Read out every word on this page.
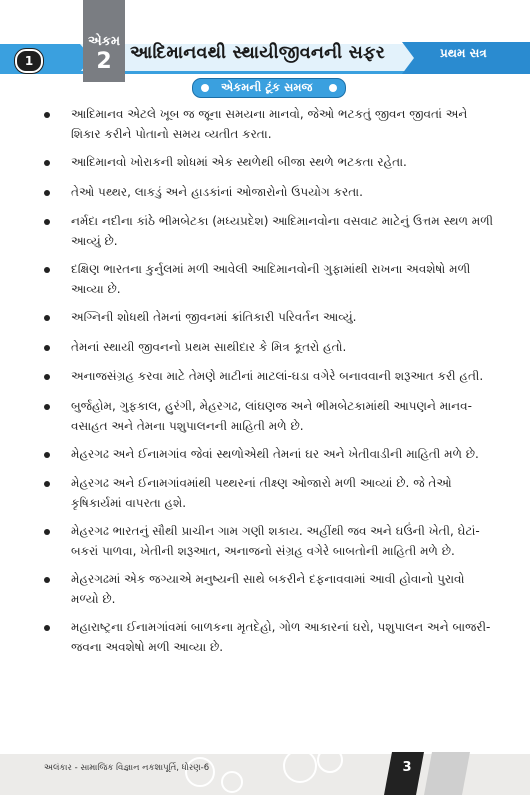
એકમ
2
1	આદિમાનવથી સ્થાયીજીવનની સફર	પ્રથમ સત્ર
એકમની ટૂંક સમજ

આદિમાનવ એટલે ખૂબ જ જૂના સમયના માનવો, જેઓ ભટકતું જીવન જીવતાં અને શિકાર કરીને પોતાનો સમય વ્યતીત કરતા.

આદિમાનવો ખોરાકની શોધમાં એક સ્થળેથી બીજા સ્થળે ભટકતા રહેતા.

તેઓ પથ્થર, લાકડું અને હાડકાંનાં ઓજારોનો ઉપયોગ કરતા.

નર્મદા નદીના કાંઠે ભીમબેટકા (મધ્યપ્રદેશ) આદિમાનવોના વસવાટ માટેનું ઉત્તમ સ્થળ મળી આવ્યું છે.

દક્ષિણ ભારતના કુર્નુલમાં મળી આવેલી આદિમાનવોની ગુફામાંથી રાખના અવશેષો મળી આવ્યા છે.

અગ્નિની શોધથી તેમનાં જીવનમાં ક્રાંતિકારી પરિવર્તન આવ્યું.

તેમનાં સ્થાયી જીવનનો પ્રથમ સાથીદાર કે મિત્ર કૂતરો હતો.

અનાજસંગ્રહ કરવા માટે તેમણે માટીનાં માટલાં-ઘડા વગેરે બનાવવાની શરૂઆત કરી હતી.

બુર્જહોમ, ગુફકાલ, હુરંગી, મેહરગઢ, લાંઘણજ અને ભીમબેટકામાંથી આપણને માનવ-વસાહત અને તેમના પશુપાલનની માહિતી મળે છે.

મેહરગઢ અને ઈનામગાંવ જેવાં સ્થળોએથી તેમનાં ઘર અને ખેતીવાડીની માહિતી મળે છે.

મેહરગઢ અને ઈનામગાંવમાંથી પથ્થરનાં તીક્ષ્ણ ઓજારો મળી આવ્યાં છે. જે તેઓ કૃષિકાર્યમાં વાપરતા હશે.

મેહરગઢ ભારતનું સૌથી પ્રાચીન ગામ ગણી શકાય. અહીંથી જવ અને ઘઉંની ખેતી, ઘેટાં-બકરાં પાળવા, ખેતીની શરૂઆત, અનાજનો સંગ્રહ વગેરે બાબતોની માહિતી મળે છે.

મેહરગઢમાં એક જગ્યાએ મનુષ્યની સાથે બકરીને દફનાવવામાં આવી હોવાનો પુરાવો મળ્યો છે.

મહારાષ્ટ્રના ઈનામગાંવમાં બાળકના મૃતદેહો, ગોળ આકારનાં ઘરો, પશુપાલન અને બાજરી-જવના અવશેષો મળી આવ્યા છે.

અલંકાર - સામાજિક વિજ્ઞાન નકશાપૂર્તિ, ધોરણ-6	3
